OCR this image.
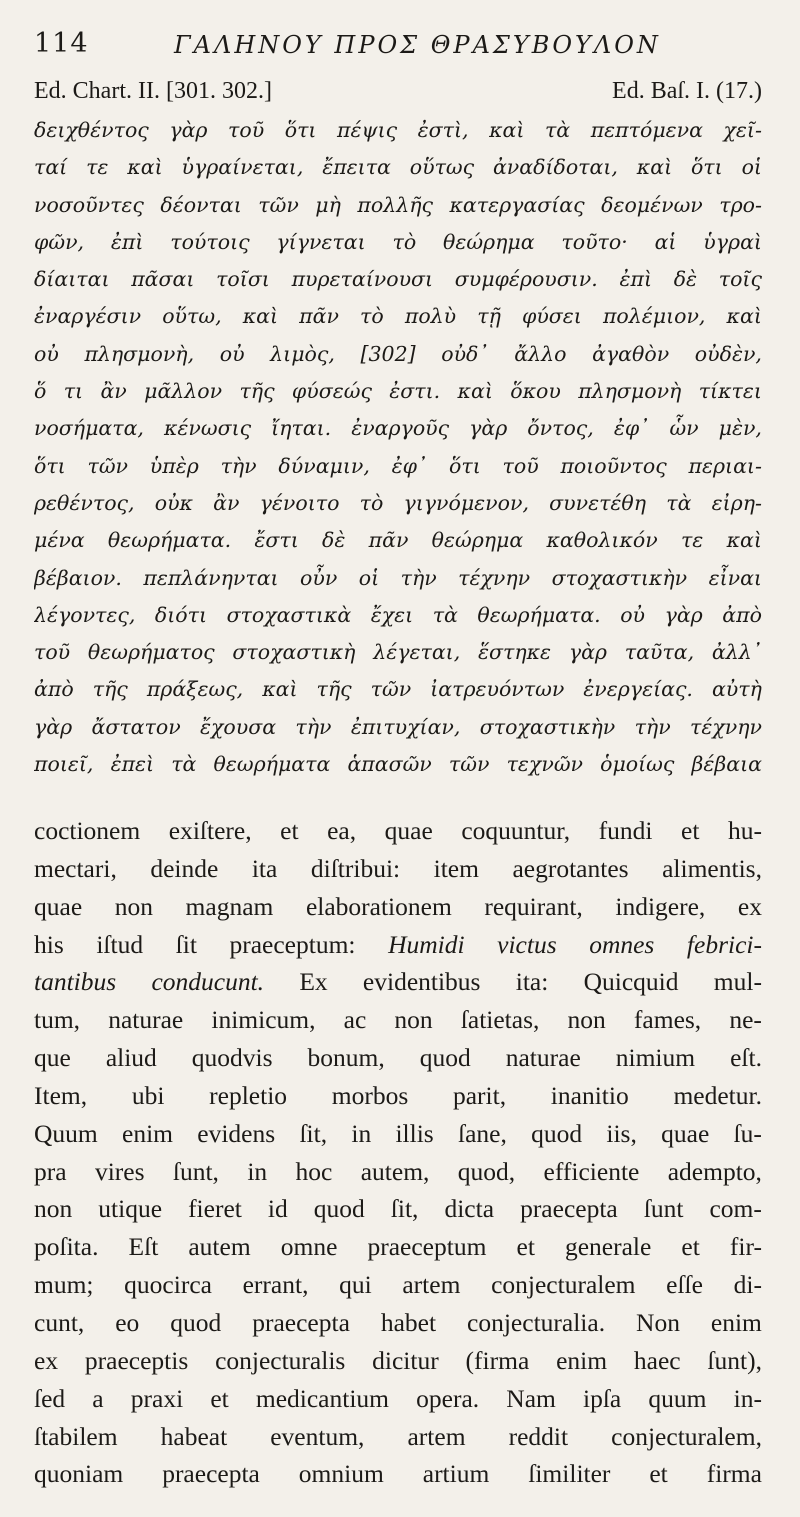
114	ΓΑΛΗΝΟΥ ΠΡΟΣ ΘΡΑΣΥΒΟΥΛΟΝ
Ed. Chart. II. [301. 302.]	Ed. Baſ. I. (17.)
δειχθέντος γὰρ τοῦ ὅτι πέψις ἐστὶ, καὶ τὰ πεπτόμενα χεῖ-
ταί τε καὶ ὑγραίνεται, ἔπειτα οὕτως ἀναδίδοται, καὶ ὅτι οἱ
νοσοῦντες δέονται τῶν μὴ πολλῆς κατεργασίας δεομένων τρο-
φῶν, ἐπὶ τούτοις γίγνεται τὸ θεώρημα τοῦτο· αἱ ὑγραὶ
δίαιται πᾶσαι τοῖσι πυρεταίνουσι συμφέρουσιν. ἐπὶ δὲ τοῖς
ἐναργέσιν οὕτω, καὶ πᾶν τὸ πολὺ τῇ φύσει πολέμιον, καὶ
οὐ πλησμονὴ, οὐ λιμὸς, [302] οὐδ᾽ ἄλλο ἀγαθὸν οὐδὲν,
ὅ τι ἂν μᾶλλον τῆς φύσεώς ἐστι. καὶ ὅκου πλησμονὴ τίκτει
νοσήματα, κένωσις ἴηται. ἐναργοῦς γὰρ ὄντος, ἐφ᾽ ὧν μὲν,
ὅτι τῶν ὑπὲρ τὴν δύναμιν, ἐφ᾽ ὅτι τοῦ ποιοῦντος περιαι-
ρεθέντος, οὐκ ἂν γένοιτο τὸ γιγνόμενον, συνετέθη τὰ εἰρη-
μένα θεωρήματα. ἔστι δὲ πᾶν θεώρημα καθολικόν τε καὶ
βέβαιον. πεπλάνηνται οὖν οἱ τὴν τέχνην στοχαστικὴν εἶναι
λέγοντες, διότι στοχαστικὰ ἔχει τὰ θεωρήματα. οὐ γὰρ ἀπὸ
τοῦ θεωρήματος στοχαστικὴ λέγεται, ἕστηκε γὰρ ταῦτα, ἀλλ᾽
ἀπὸ τῆς πράξεως, καὶ τῆς τῶν ἰατρευόντων ἐνεργείας. αὐτὴ
γὰρ ἄστατον ἔχουσα τὴν ἐπιτυχίαν, στοχαστικὴν τὴν τέχνην
ποιεῖ, ἐπεὶ τὰ θεωρήματα ἁπασῶν τῶν τεχνῶν ὁμοίως βέβαια
coctionem exiſtere, et ea, quae coquuntur, fundi et hu-
mectari, deinde ita diſtribui: item aegrotantes alimentis,
quae non magnam elaborationem requirant, indigere, ex
his iſtud ſit praeceptum: Humidi victus omnes febrici-
tantibus conducunt. Ex evidentibus ita: Quicquid mul-
tum, naturae inimicum, ac non ſatietas, non fames, ne-
que aliud quodvis bonum, quod naturae nimium eſt.
Item, ubi repletio morbos parit, inanitio medetur.
Quum enim evidens ſit, in illis ſane, quod iis, quae ſu-
pra vires ſunt, in hoc autem, quod, efficiente adempto,
non utique fieret id quod ſit, dicta praecepta ſunt com-
poſita. Eſt autem omne praeceptum et generale et fir-
mum; quocirca errant, qui artem conjecturalem eſſe di-
cunt, eo quod praecepta habet conjecturalia. Non enim
ex praeceptis conjecturalis dicitur (firma enim haec ſunt),
ſed a praxi et medicantium opera. Nam ipſa quum in-
ſtabilem habeat eventum, artem reddit conjecturalem,
quoniam praecepta omnium artium ſimiliter et firma
